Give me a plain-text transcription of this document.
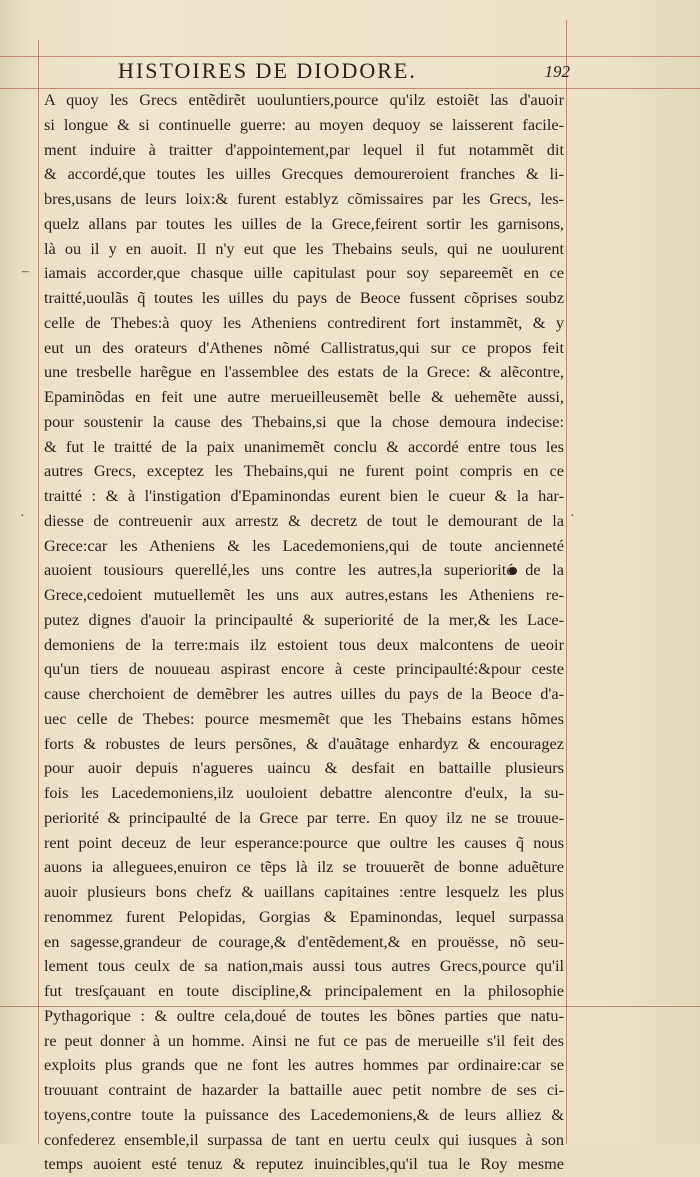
HISTOIRES DE DIODORE.	192
–
·	·
A quoy les Grecs entẽdirẽt uouluntiers,pource qu'ilz estoiẽt las d'auoir
si longue & si continuelle guerre: au moyen dequoy se laisserent facile-
ment induire à traitter d'appointement,par lequel il fut notammẽt dit
& accordé,que toutes les uilles Grecques demoureroient franches & li-
bres,usans de leurs loix:& furent establyz cõmissaires par les Grecs, les-
quelz allans par toutes les uilles de la Grece,feirent sortir les garnisons,
là ou il y en auoit. Il n'y eut que les Thebains seuls, qui ne uoulurent
iamais accorder,que chasque uille capitulast pour soy separeemẽt en ce
traitté,uoulãs q̃ toutes les uilles du pays de Beoce fussent cõprises soubz
celle de Thebes:à quoy les Atheniens contredirent fort instammẽt, & y
eut un des orateurs d'Athenes nõmé Callistratus,qui sur ce propos feit
une tresbelle harẽgue en l'assemblee des estats de la Grece: & alẽcontre,
Epaminõdas en feit une autre merueilleusemẽt belle & uehemẽte aussi,
pour soustenir la cause des Thebains,si que la chose demoura indecise:
& fut le traitté de la paix unanimemẽt conclu & accordé entre tous les
autres Grecs, exceptez les Thebains,qui ne furent point compris en ce
traitté : & à l'instigation d'Epaminondas eurent bien le cueur & la har-
diesse de contreuenir aux arrestz & decretz de tout le demourant de la
Grece:car les Atheniens & les Lacedemoniens,qui de toute ancienneté
auoient tousiours querellé,les uns contre les autres,la superiorité de la
Grece,cedoient mutuellemẽt les uns aux autres,estans les Atheniens re-
putez dignes d'auoir la principaulté & superiorité de la mer,& les Lace-
demoniens de la terre:mais ilz estoient tous deux malcontens de ueoir
qu'un tiers de nouueau aspirast encore à ceste principaulté:&pour ceste
cause cherchoient de demẽbrer les autres uilles du pays de la Beoce d'a-
uec celle de Thebes: pource mesmemẽt que les Thebains estans hõmes
forts & robustes de leurs persõnes, & d'auãtage enhardyz & encouragez
pour auoir depuis n'agueres uaincu & desfait en battaille plusieurs
fois les Lacedemoniens,ilz uouloient debattre alencontre d'eulx, la su-
periorité & principaulté de la Grece par terre. En quoy ilz ne se trouue-
rent point deceuz de leur esperance:pource que oultre les causes q̃ nous
auons ia alleguees,enuiron ce tẽps là ilz se trouuerẽt de bonne aduẽture
auoir plusieurs bons chefz & uaillans capitaines :entre lesquelz les plus
renommez furent Pelopidas, Gorgias & Epaminondas, lequel surpassa
en sagesse,grandeur de courage,& d'entẽdement,& en prouësse, nõ seu-
lement tous ceulx de sa nation,mais aussi tous autres Grecs,pource qu'il
fut tresſçauant en toute discipline,& principalement en la philosophie
Pythagorique : & oultre cela,doué de toutes les bõnes parties que natu-
re peut donner à un homme. Ainsi ne fut ce pas de merueille s'il feit des
exploits plus grands que ne font les autres hommes par ordinaire:car se
trouuant contraint de hazarder la battaille auec petit nombre de ses ci-
toyens,contre toute la puissance des Lacedemoniens,& de leurs alliez &
confederez ensemble,il surpassa de tant en uertu ceulx qui iusques à son
temps auoient esté tenuz & reputez inuincibles,qu'il tua le Roy mesme
